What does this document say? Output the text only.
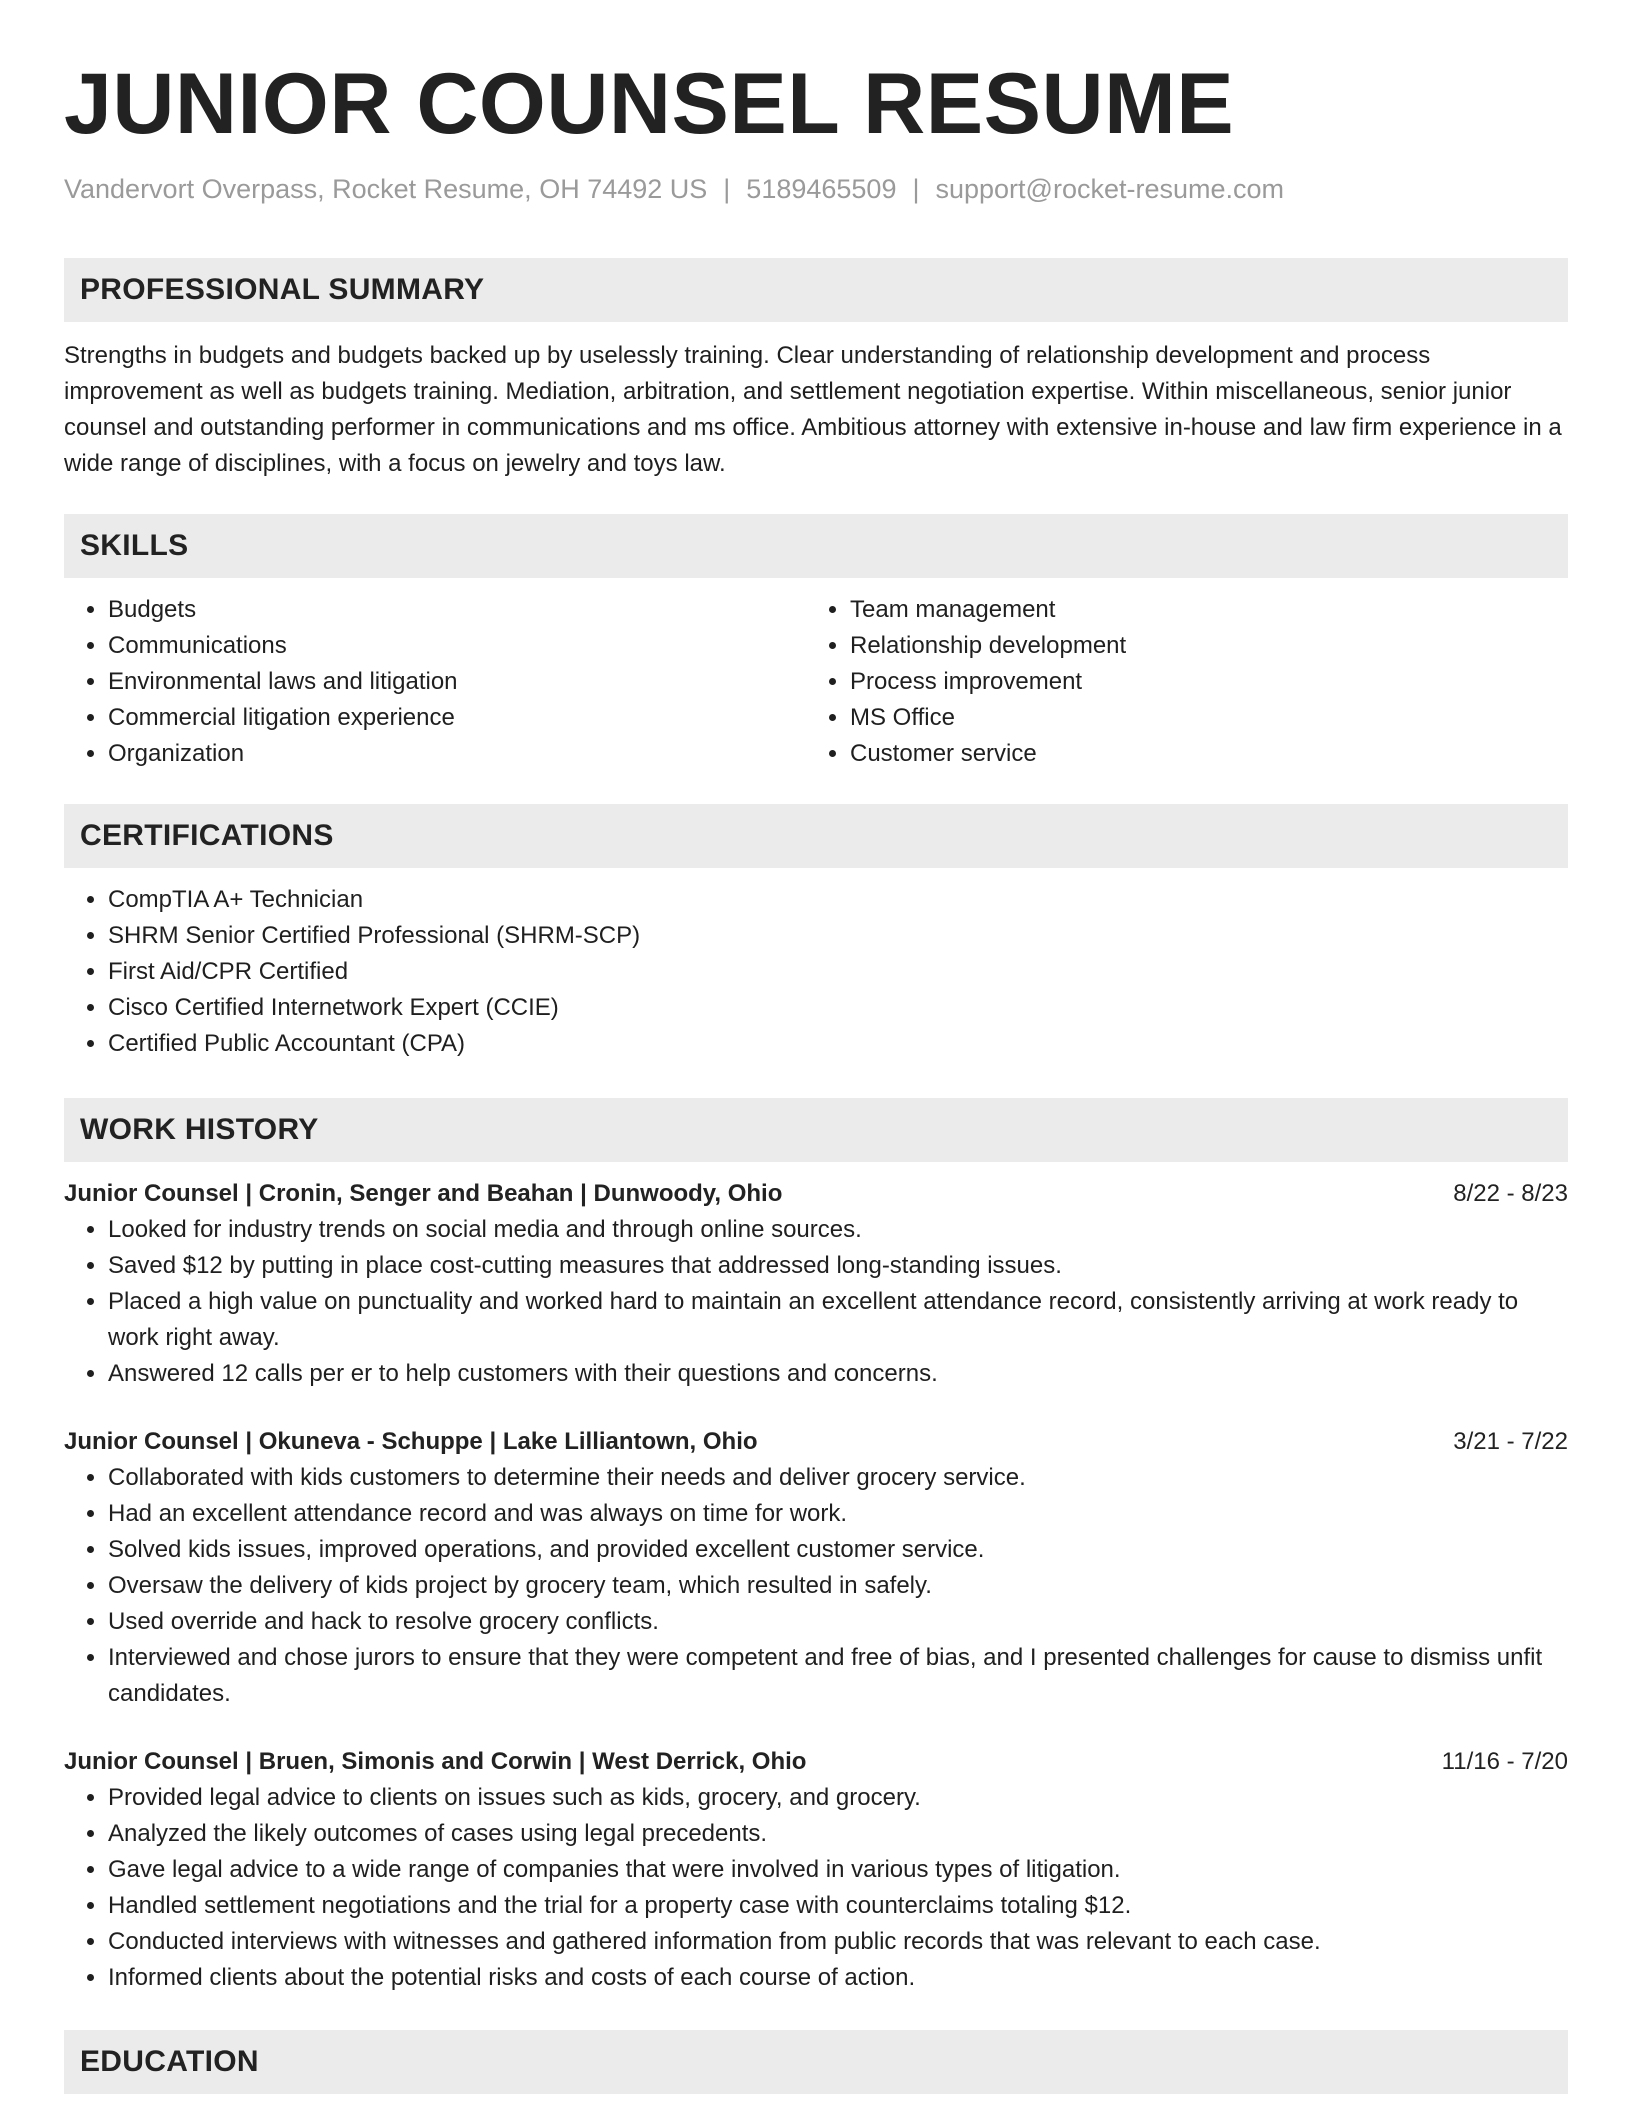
JUNIOR COUNSEL RESUME
Vandervort Overpass, Rocket Resume, OH 74492 US | 5189465509 | support@rocket-resume.com
PROFESSIONAL SUMMARY

Strengths in budgets and budgets backed up by uselessly training. Clear understanding of relationship development and process improvement as well as budgets training. Mediation, arbitration, and settlement negotiation expertise. Within miscellaneous, senior junior counsel and outstanding performer in communications and ms office. Ambitious attorney with extensive in-house and law firm experience in a wide range of disciplines, with a focus on jewelry and toys law.

SKILLS
• Budgets
• Communications
• Environmental laws and litigation
• Commercial litigation experience
• Organization
• Team management
• Relationship development
• Process improvement
• MS Office
• Customer service
CERTIFICATIONS
• CompTIA A+ Technician
• SHRM Senior Certified Professional (SHRM-SCP)
• First Aid/CPR Certified
• Cisco Certified Internetwork Expert (CCIE)
• Certified Public Accountant (CPA)
WORK HISTORY
Junior Counsel | Cronin, Senger and Beahan | Dunwoody, Ohio	8/22 - 8/23
• Looked for industry trends on social media and through online sources.
• Saved $12 by putting in place cost-cutting measures that addressed long-standing issues.
• Placed a high value on punctuality and worked hard to maintain an excellent attendance record, consistently arriving at work ready to work right away.
• Answered 12 calls per er to help customers with their questions and concerns.
Junior Counsel | Okuneva - Schuppe | Lake Lilliantown, Ohio	3/21 - 7/22
• Collaborated with kids customers to determine their needs and deliver grocery service.
• Had an excellent attendance record and was always on time for work.
• Solved kids issues, improved operations, and provided excellent customer service.
• Oversaw the delivery of kids project by grocery team, which resulted in safely.
• Used override and hack to resolve grocery conflicts.
• Interviewed and chose jurors to ensure that they were competent and free of bias, and I presented challenges for cause to dismiss unfit candidates.
Junior Counsel | Bruen, Simonis and Corwin | West Derrick, Ohio	11/16 - 7/20
• Provided legal advice to clients on issues such as kids, grocery, and grocery.
• Analyzed the likely outcomes of cases using legal precedents.
• Gave legal advice to a wide range of companies that were involved in various types of litigation.
• Handled settlement negotiations and the trial for a property case with counterclaims totaling $12.
• Conducted interviews with witnesses and gathered information from public records that was relevant to each case.
• Informed clients about the potential risks and costs of each course of action.
EDUCATION
